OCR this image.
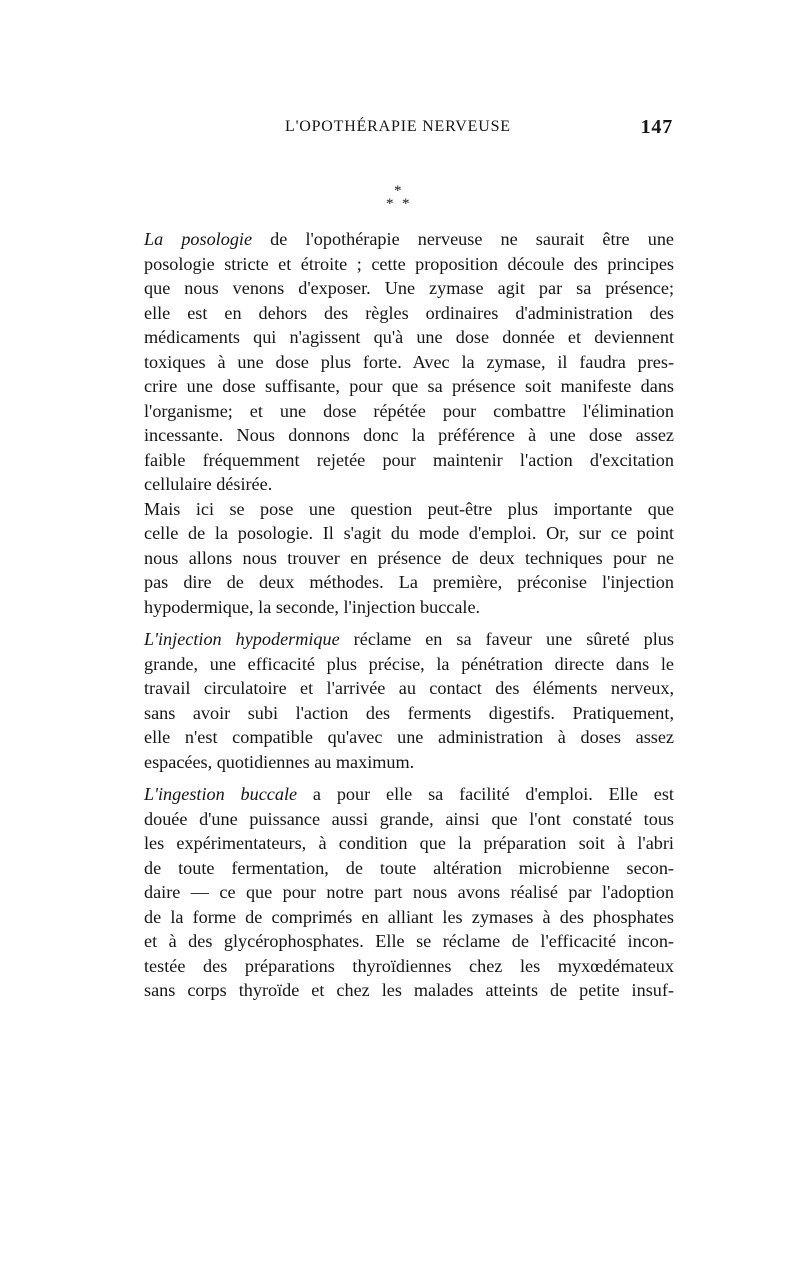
L'OPOTHÉRAPIE NERVEUSE	147
*
* *

La posologie de l'opothérapie nerveuse ne saurait être une
posologie stricte et étroite ; cette proposition découle des principes
que nous venons d'exposer. Une zymase agit par sa présence;
elle est en dehors des règles ordinaires d'administration des
médicaments qui n'agissent qu'à une dose donnée et deviennent
toxiques à une dose plus forte. Avec la zymase, il faudra pres-
crire une dose suffisante, pour que sa présence soit manifeste dans
l'organisme; et une dose répétée pour combattre l'élimination
incessante. Nous donnons donc la préférence à une dose assez
faible fréquemment rejetée pour maintenir l'action d'excitation
cellulaire désirée.

Mais ici se pose une question peut-être plus importante que
celle de la posologie. Il s'agit du mode d'emploi. Or, sur ce point
nous allons nous trouver en présence de deux techniques pour ne
pas dire de deux méthodes. La première, préconise l'injection
hypodermique, la seconde, l'injection buccale.

L'injection hypodermique réclame en sa faveur une sûreté plus
grande, une efficacité plus précise, la pénétration directe dans le
travail circulatoire et l'arrivée au contact des éléments nerveux,
sans avoir subi l'action des ferments digestifs. Pratiquement,
elle n'est compatible qu'avec une administration à doses assez
espacées, quotidiennes au maximum.

L'ingestion buccale a pour elle sa facilité d'emploi. Elle est
douée d'une puissance aussi grande, ainsi que l'ont constaté tous
les expérimentateurs, à condition que la préparation soit à l'abri
de toute fermentation, de toute altération microbienne secon-
daire — ce que pour notre part nous avons réalisé par l'adoption
de la forme de comprimés en alliant les zymases à des phosphates
et à des glycérophosphates. Elle se réclame de l'efficacité incon-
testée des préparations thyroïdiennes chez les myxœdémateux
sans corps thyroïde et chez les malades atteints de petite insuf-
